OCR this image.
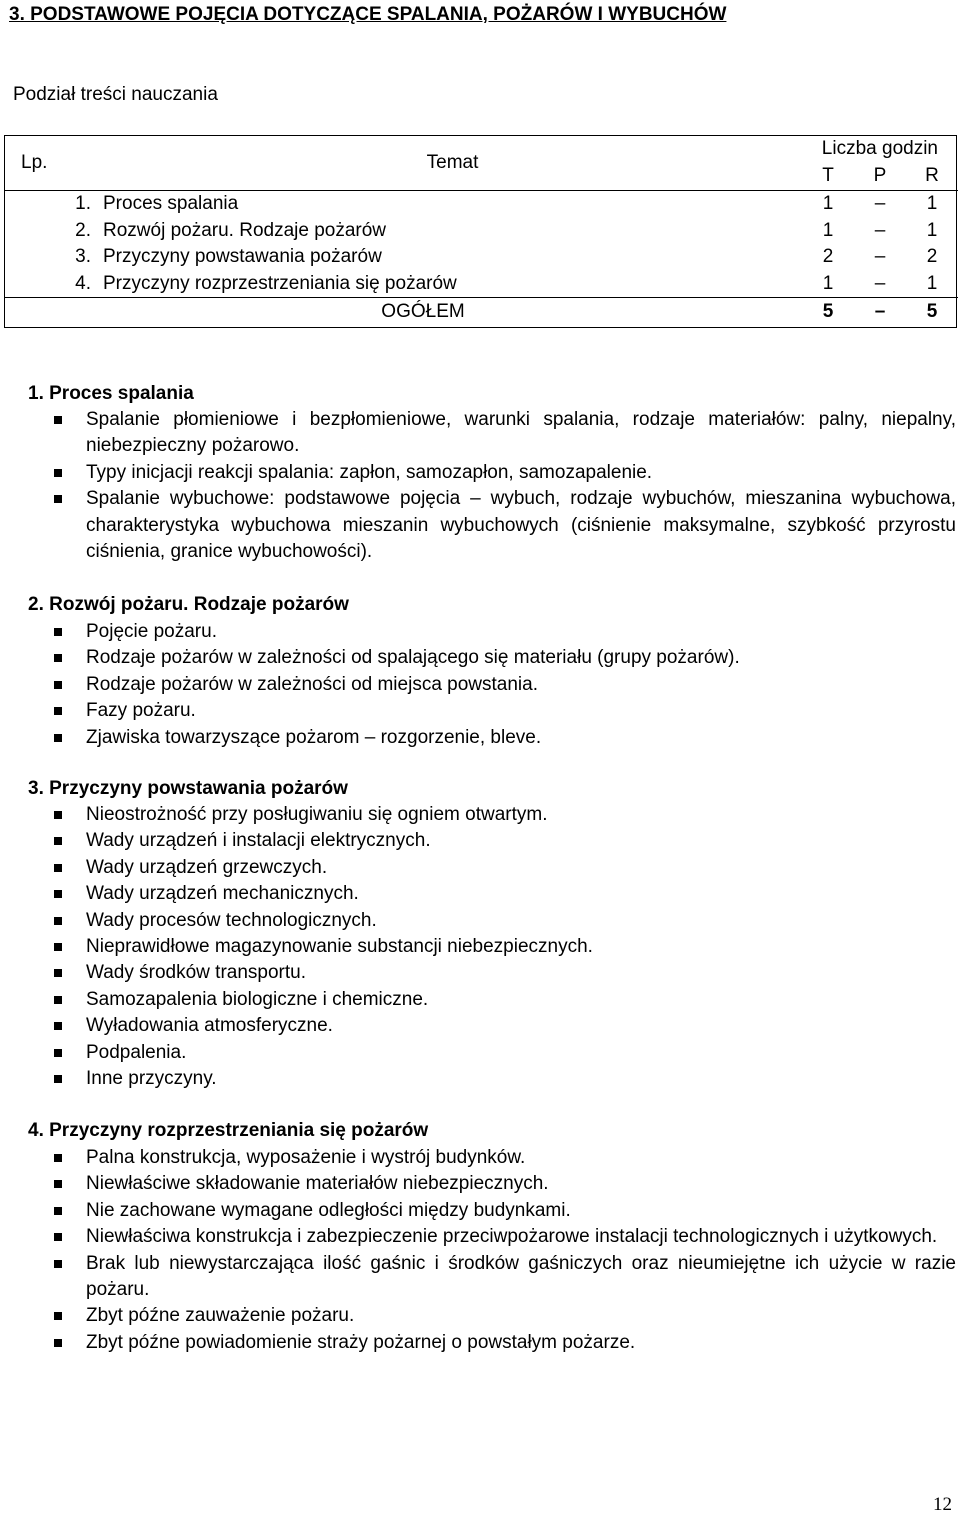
3. PODSTAWOWE POJĘCIA DOTYCZĄCE SPALANIA, POŻARÓW I WYBUCHÓW
Podział treści nauczania
Lp.	Temat	Liczba godzin		
		T	P	R
1.	Proces spalania	1	–	1
2.	Rozwój pożaru. Rodzaje pożarów	1	–	1
3.	Przyczyny powstawania pożarów	2	–	2
4.	Przyczyny rozprzestrzeniania się pożarów	1	–	1
OGÓŁEM		5	–	5
1. Proces spalania
Spalanie płomieniowe i bezpłomieniowe, warunki spalania, rodzaje materiałów: palny, niepalny, niebezpieczny pożarowo.
Typy inicjacji reakcji spalania: zapłon, samozapłon, samozapalenie.
Spalanie wybuchowe: podstawowe pojęcia – wybuch, rodzaje wybuchów, mieszanina wybuchowa, charakterystyka wybuchowa mieszanin wybuchowych (ciśnienie maksymalne, szybkość przyrostu ciśnienia, granice wybuchowości).
2. Rozwój pożaru. Rodzaje pożarów
Pojęcie pożaru.
Rodzaje pożarów w zależności od spalającego się materiału (grupy pożarów).
Rodzaje pożarów w zależności od miejsca powstania.
Fazy pożaru.
Zjawiska towarzyszące pożarom – rozgorzenie, bleve.
3. Przyczyny powstawania pożarów
Nieostrożność przy posługiwaniu się ogniem otwartym.
Wady urządzeń i instalacji elektrycznych.
Wady urządzeń grzewczych.
Wady urządzeń mechanicznych.
Wady procesów technologicznych.
Nieprawidłowe magazynowanie substancji niebezpiecznych.
Wady środków transportu.
Samozapalenia biologiczne i chemiczne.
Wyładowania atmosferyczne.
Podpalenia.
Inne przyczyny.
4. Przyczyny rozprzestrzeniania się pożarów
Palna konstrukcja, wyposażenie i wystrój budynków.
Niewłaściwe składowanie materiałów niebezpiecznych.
Nie zachowane wymagane odległości między budynkami.
Niewłaściwa konstrukcja i zabezpieczenie przeciwpożarowe instalacji technologicznych i użytkowych.
Brak lub niewystarczająca ilość gaśnic i środków gaśniczych oraz nieumiejętne ich użycie w razie pożaru.
Zbyt późne zauważenie pożaru.
Zbyt późne powiadomienie straży pożarnej o powstałym pożarze.
12
